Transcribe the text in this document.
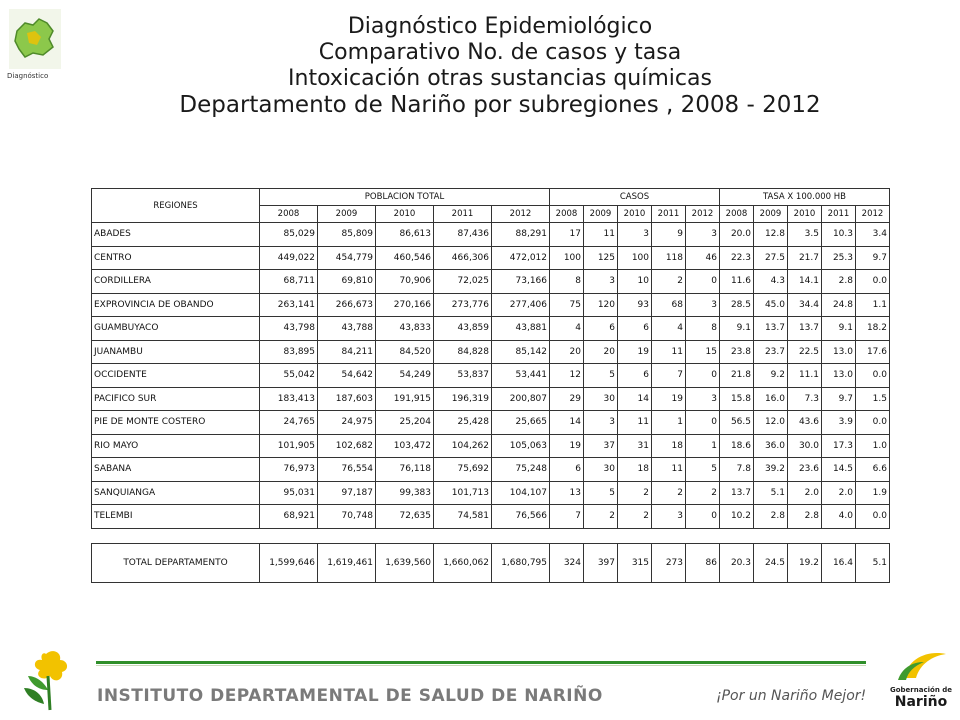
Diagnóstico
Diagnóstico Epidemiológico
Comparativo No. de casos y tasa
Intoxicación otras sustancias químicas
Departamento de Nariño por subregiones , 2008 - 2012
REGIONES	POBLACION TOTAL					CASOS					TASA X 100.000 HB				
	2008	2009	2010	2011	2012	2008	2009	2010	2011	2012	2008	2009	2010	2011	2012
ABADES	85,029	85,809	86,613	87,436	88,291	17	11	3	9	3	20.0	12.8	3.5	10.3	3.4
CENTRO	449,022	454,779	460,546	466,306	472,012	100	125	100	118	46	22.3	27.5	21.7	25.3	9.7
CORDILLERA	68,711	69,810	70,906	72,025	73,166	8	3	10	2	0	11.6	4.3	14.1	2.8	0.0
EXPROVINCIA DE OBANDO	263,141	266,673	270,166	273,776	277,406	75	120	93	68	3	28.5	45.0	34.4	24.8	1.1
GUAMBUYACO	43,798	43,788	43,833	43,859	43,881	4	6	6	4	8	9.1	13.7	13.7	9.1	18.2
JUANAMBU	83,895	84,211	84,520	84,828	85,142	20	20	19	11	15	23.8	23.7	22.5	13.0	17.6
OCCIDENTE	55,042	54,642	54,249	53,837	53,441	12	5	6	7	0	21.8	9.2	11.1	13.0	0.0
PACIFICO SUR	183,413	187,603	191,915	196,319	200,807	29	30	14	19	3	15.8	16.0	7.3	9.7	1.5
PIE DE MONTE COSTERO	24,765	24,975	25,204	25,428	25,665	14	3	11	1	0	56.5	12.0	43.6	3.9	0.0
RIO MAYO	101,905	102,682	103,472	104,262	105,063	19	37	31	18	1	18.6	36.0	30.0	17.3	1.0
SABANA	76,973	76,554	76,118	75,692	75,248	6	30	18	11	5	7.8	39.2	23.6	14.5	6.6
SANQUIANGA	95,031	97,187	99,383	101,713	104,107	13	5	2	2	2	13.7	5.1	2.0	2.0	1.9
TELEMBI	68,921	70,748	72,635	74,581	76,566	7	2	2	3	0	10.2	2.8	2.8	4.0	0.0

TOTAL DEPARTAMENTO	1,599,646	1,619,461	1,639,560	1,660,062	1,680,795	324	397	315	273	86	20.3	24.5	19.2	16.4	5.1
INSTITUTO DEPARTAMENTAL DE SALUD DE NARIÑO	¡Por un Nariño Mejor!	Gobernación de
Nariño
